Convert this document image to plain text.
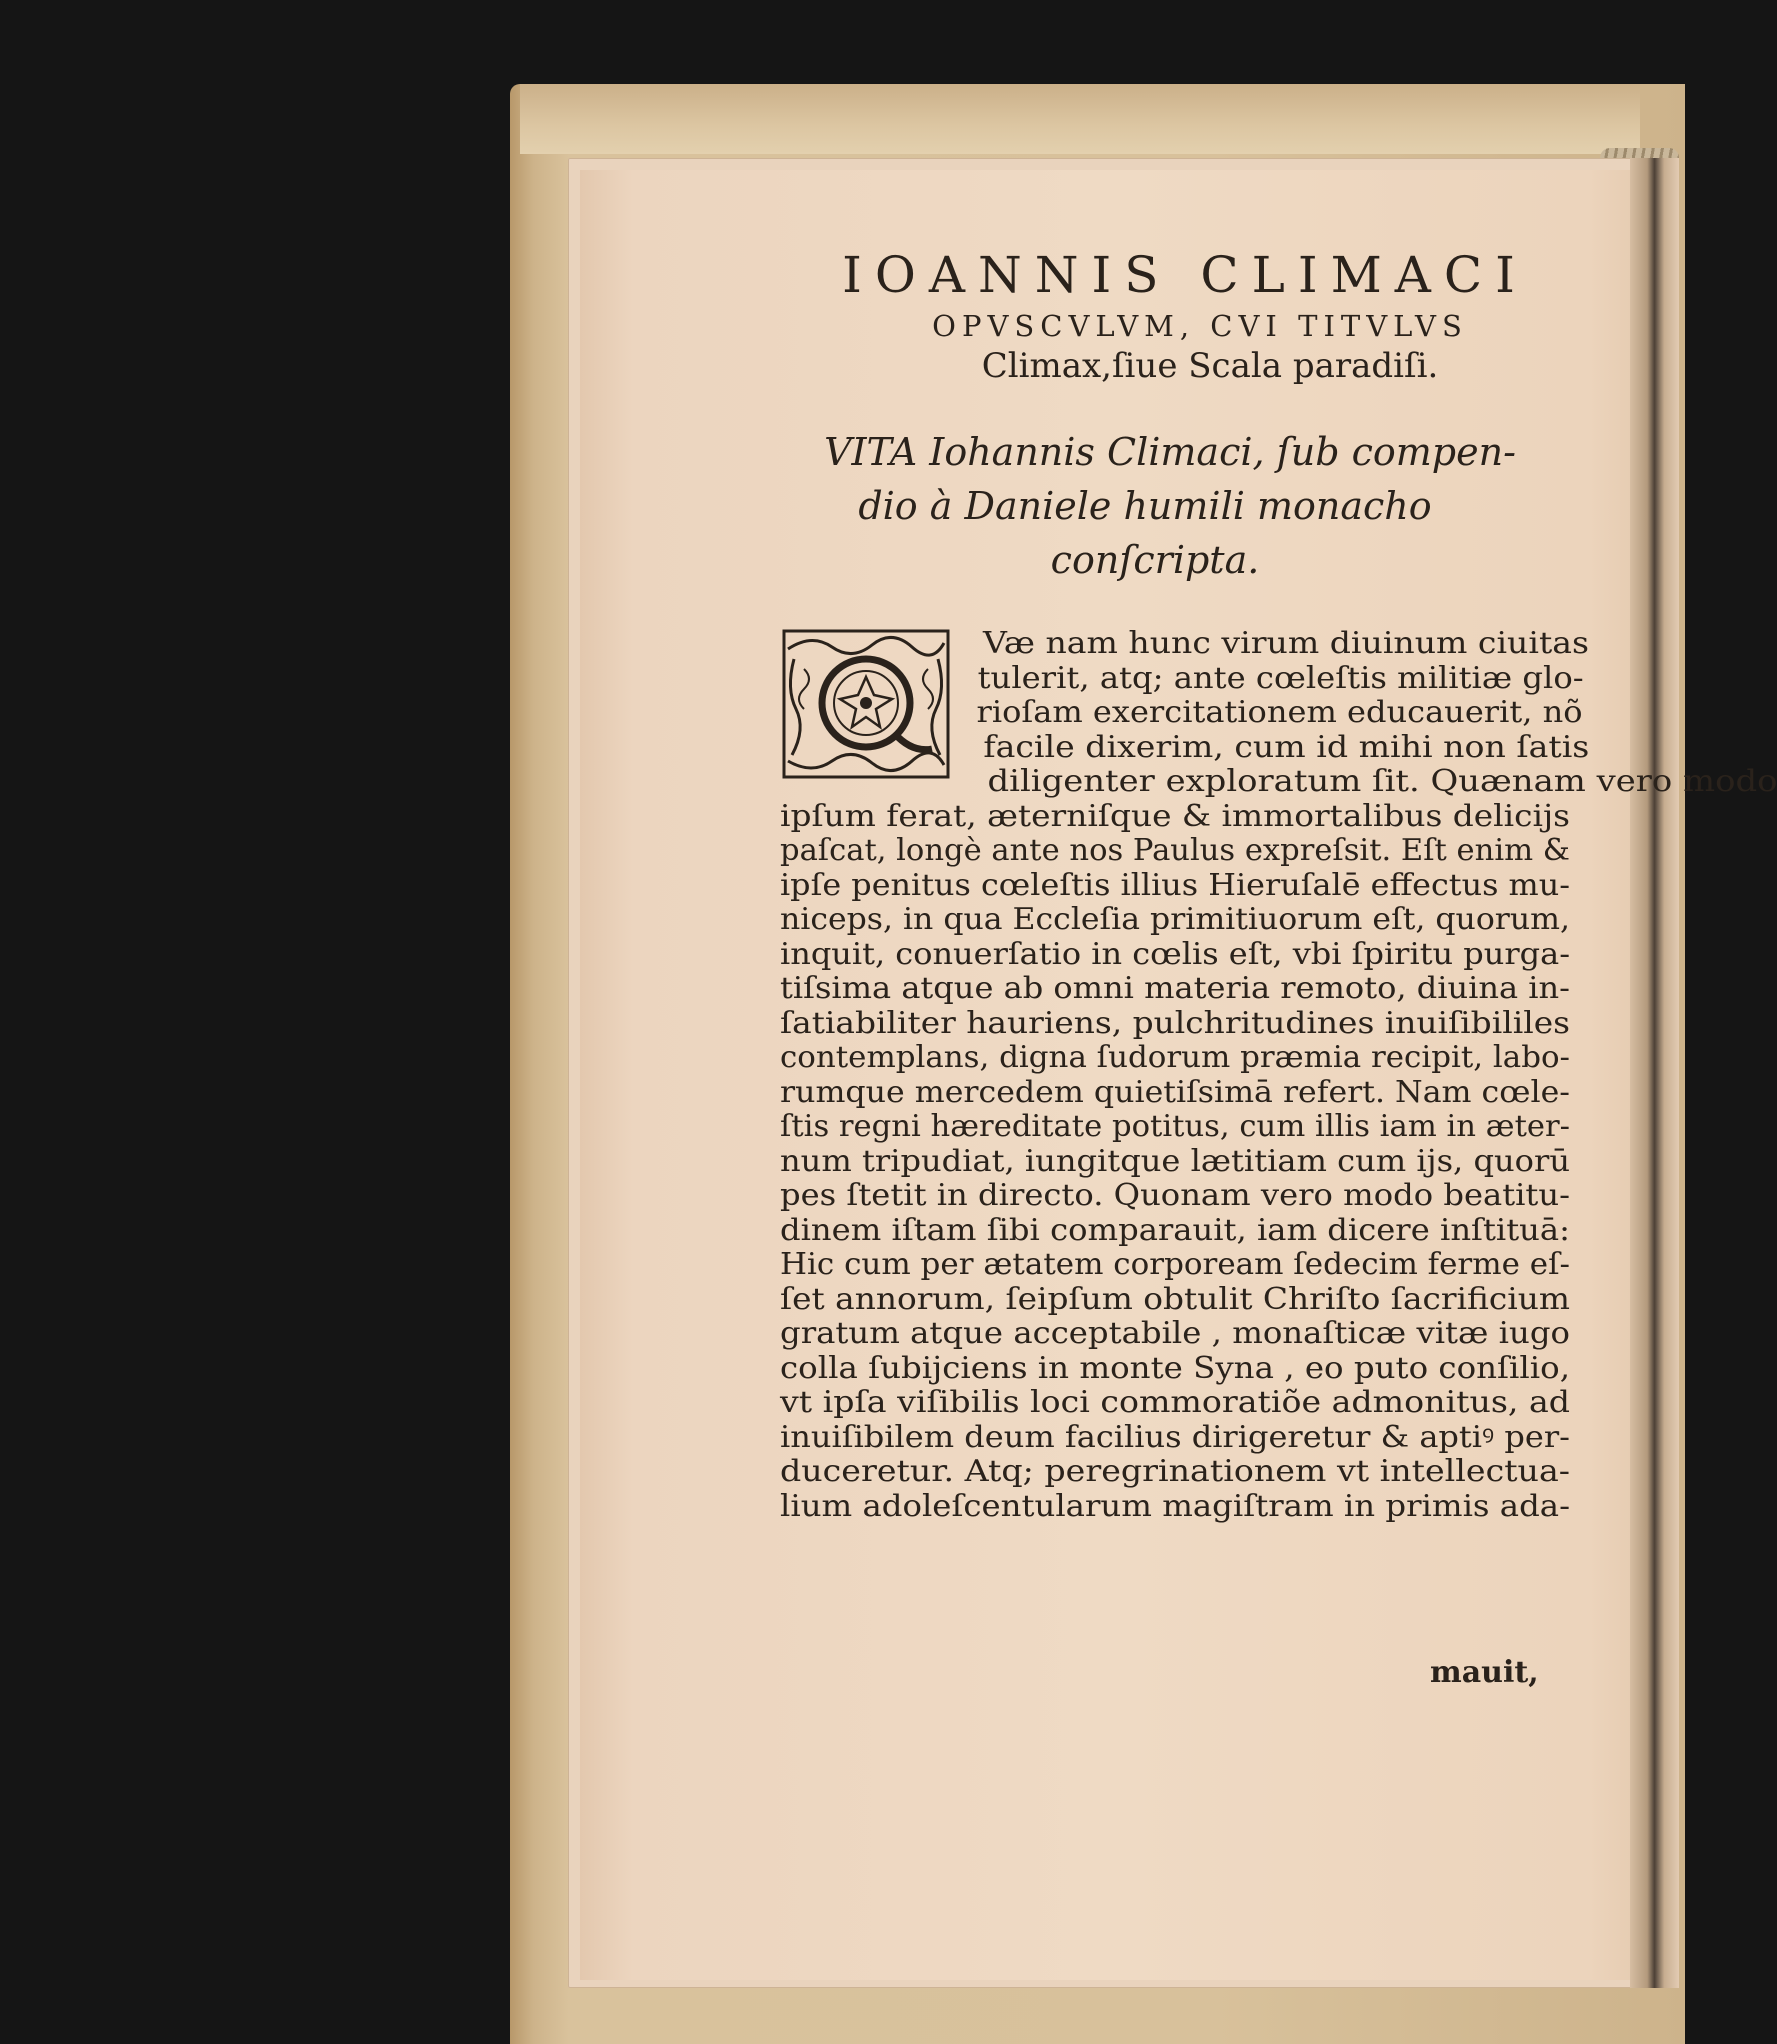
IOANNIS CLIMACI

OPVSCVLVM, CVI TITVLVS

Climax,ſiue Scala paradiſi.

VITA Iohannis Climaci, ſub compen-
dio à Daniele humili monacho
conſcripta.
Væ nam hunc virum diuinum ciuitas
tulerit, atq; ante cœleſtis militiæ glo-
rioſam exercitationem educauerit, nõ
facile dixerim, cum id mihi non ſatis
diligenter exploratum ſit. Quænam vero modo
ipſum ferat, æterniſque & immortalibus delicijs
paſcat, longè ante nos Paulus expreſsit. Eſt enim &
ipſe penitus cœleſtis illius Hieruſalē effectus mu-
niceps, in qua Eccleſia primitiuorum eſt, quorum,
inquit, conuerſatio in cœlis eſt, vbi ſpiritu purga-
tiſsima atque ab omni materia remoto, diuina in-
ſatiabiliter hauriens, pulchritudines inuiſibililes
contemplans, digna ſudorum præmia recipit, labo-
rumque mercedem quietiſsimā refert. Nam cœle-
ſtis regni hæreditate potitus, cum illis iam in æter-
num tripudiat, iungitque lætitiam cum ijs, quorū
pes ſtetit in directo. Quonam vero modo beatitu-
dinem iſtam ſibi comparauit, iam dicere inſtituā:
Hic cum per ætatem corpoream ſedecim ferme eſ-
ſet annorum, ſeipſum obtulit Chriſto ſacrificium
gratum atque acceptabile , monaſticæ vitæ iugo
colla ſubijciens in monte Syna , eo puto conſilio,
vt ipſa viſibilis loci commoratiõe admonitus, ad
inuiſibilem deum facilius dirigeretur & aptiꝰ per-
duceretur. Atq; peregrinationem vt intellectua-
lium adoleſcentularum magiſtram in primis ada-
mauit,
